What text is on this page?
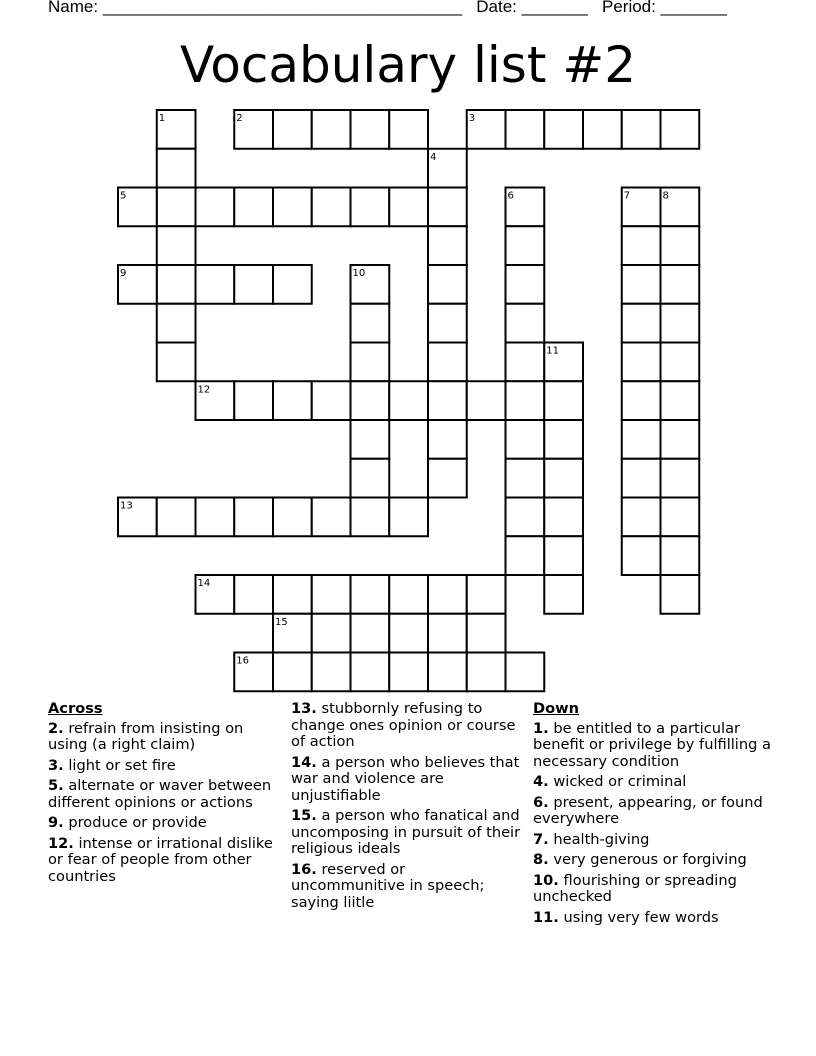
Name: ______________________________________ Date: _______ Period: _______
Vocabulary list #2
1	2	3
4
5	6	7	8
9	10
11
12
13
14
15
16
Across
2. refrain from insisting on using (a right claim)
3. light or set fire
5. alternate or waver between different opinions or actions
9. produce or provide
12. intense or irrational dislike or fear of people from other countries
13. stubbornly refusing to change ones opinion or course of action
14. a person who believes that war and violence are unjustifiable
15. a person who fanatical and uncomposing in pursuit of their religious ideals
16. reserved or uncommunitive in speech; saying liitle
Down
1. be entitled to a particular benefit or privilege by fulfilling a necessary condition
4. wicked or criminal
6. present, appearing, or found everywhere
7. health-giving
8. very generous or forgiving
10. flourishing or spreading unchecked
11. using very few words
